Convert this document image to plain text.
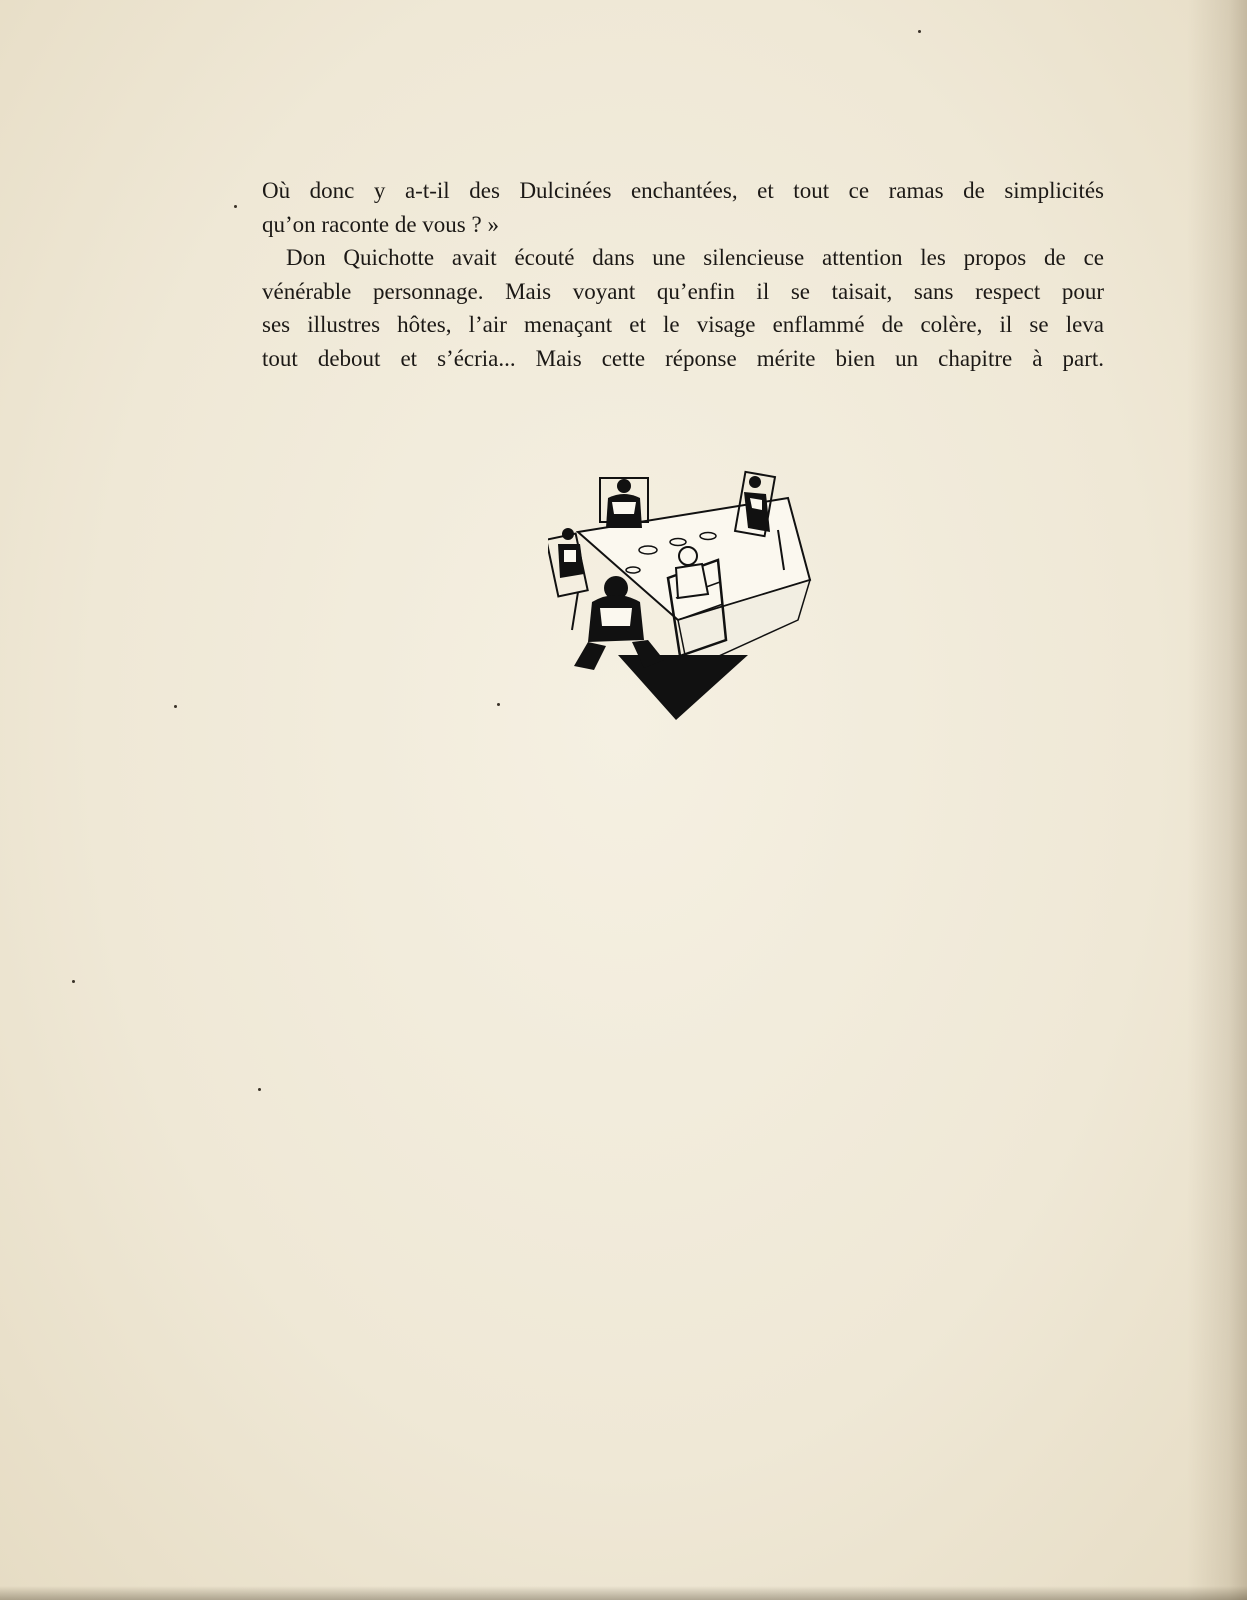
Où donc y a-t-il des Dulcinées enchantées, et tout ce ramas de simplicités
qu’on raconte de vous ? »
Don Quichotte avait écouté dans une silencieuse attention les propos de ce
vénérable personnage. Mais voyant qu’enfin il se taisait, sans respect pour
ses illustres hôtes, l’air menaçant et le visage enflammé de colère, il se leva
tout debout et s’écria... Mais cette réponse mérite bien un chapitre à part.
